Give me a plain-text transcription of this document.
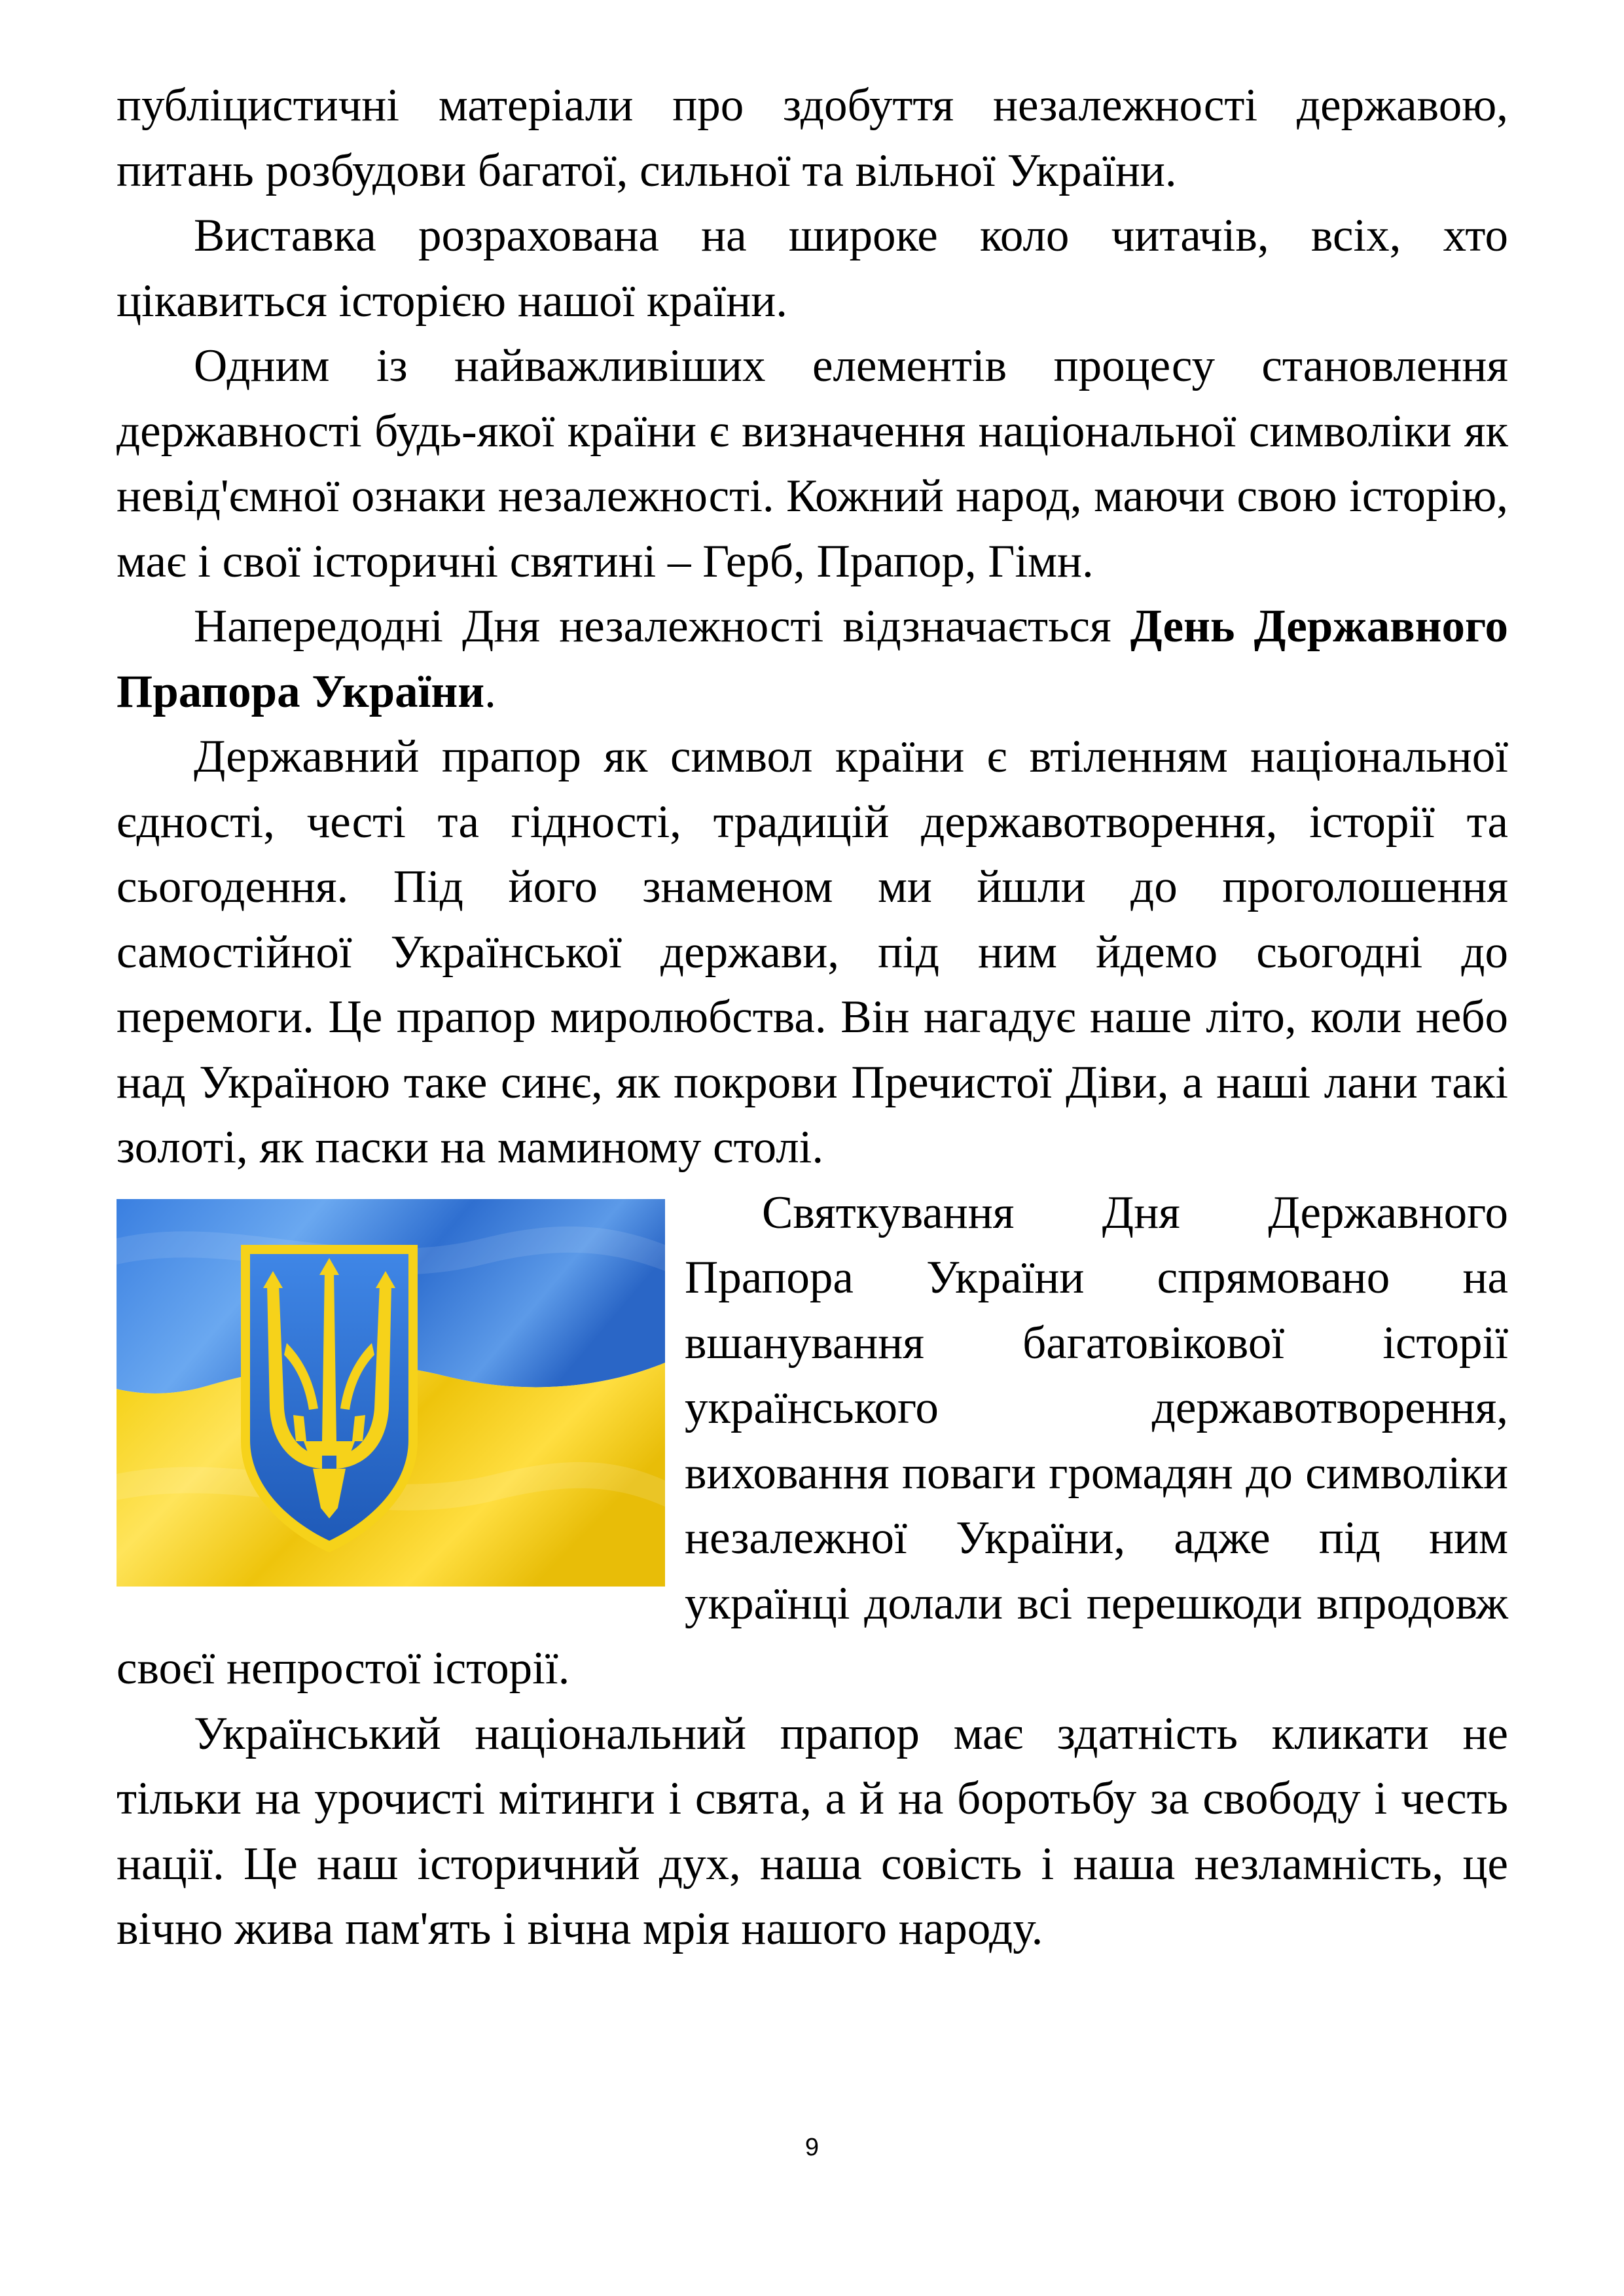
публіцистичні матеріали про здобуття незалежності державою, питань розбудови багатої, сильної та вільної України.

Виставка розрахована на широке коло читачів, всіх, хто цікавиться історією нашої країни.

Одним із найважливіших елементів процесу становлення державності будь-якої країни є визначення національної символіки як невід'ємної ознаки незалежності. Кожний народ, маючи свою історію, має і свої історичні святині – Герб, Прапор, Гімн.

Напередодні Дня незалежності відзначається День Державного Прапора України.

Державний прапор як символ країни є втіленням національної єдності, честі та гідності, традицій державотворення, історії та сьогодення. Під його знаменом ми йшли до проголошення самостійної Української держави, під ним йдемо сьогодні до перемоги. Це прапор миролюбства. Він нагадує наше літо, коли небо над Україною таке синє, як покрови Пречистої Діви, а наші лани такі золоті, як паски на маминому столі.

Святкування Дня Державного Прапора України спрямовано на вшанування багатовікової історії українського державотворення, виховання поваги громадян до символіки незалежної України, адже під ним українці долали всі перешкоди впродовж своєї непростої історії.

Український національний прапор має здатність кликати не тільки на урочисті мітинги і свята, а й на боротьбу за свободу і честь нації. Це наш історичний дух, наша совість і наша незламність, це вічно жива пам'ять і вічна мрія нашого народу.

9
